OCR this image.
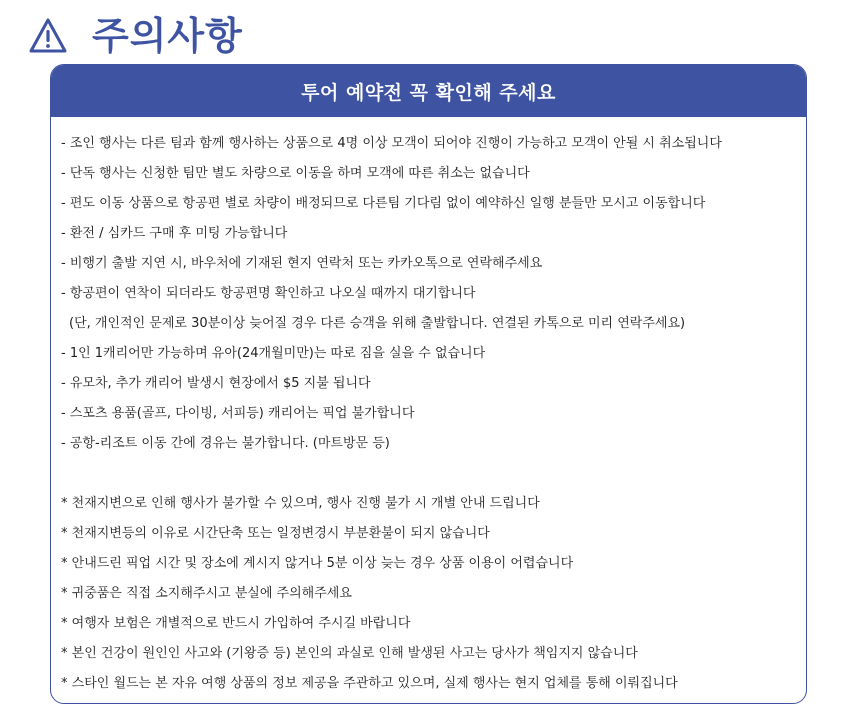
주의사항
투어 예약전 꼭 확인해 주세요
- 조인 행사는 다른 팀과 함께 행사하는 상품으로 4명 이상 모객이 되어야 진행이 가능하고 모객이 안될 시 취소됩니다
- 단독 행사는 신청한 팀만 별도 차량으로 이동을 하며 모객에 따른 취소는 없습니다
- 편도 이동 상품으로 항공편 별로 차량이 배정되므로 다른팀 기다림 없이 예약하신 일행 분들만 모시고 이동합니다
- 환전 / 심카드 구매 후 미팅 가능합니다
- 비행기 출발 지연 시, 바우처에 기재된 현지 연락처 또는 카카오톡으로 연락해주세요
- 항공편이 연착이 되더라도 항공편명 확인하고 나오실 때까지 대기합니다
(단, 개인적인 문제로 30분이상 늦어질 경우 다른 승객을 위해 출발합니다. 연결된 카톡으로 미리 연락주세요)
- 1인 1캐리어만 가능하며 유아(24개월미만)는 따로 짐을 실을 수 없습니다
- 유모차, 추가 캐리어 발생시 현장에서 $5 지불 됩니다
- 스포츠 용품(골프, 다이빙, 서피등) 캐리어는 픽업 불가합니다
- 공항-리조트 이동 간에 경유는 불가합니다. (마트방문 등)
* 천재지변으로 인해 행사가 불가할 수 있으며, 행사 진행 불가 시 개별 안내 드립니다
* 천재지변등의 이유로 시간단축 또는 일정변경시 부분환불이 되지 않습니다
* 안내드린 픽업 시간 및 장소에 계시지 않거나 5분 이상 늦는 경우 상품 이용이 어렵습니다
* 귀중품은 직접 소지해주시고 분실에 주의해주세요
* 여행자 보험은 개별적으로 반드시 가입하여 주시길 바랍니다
* 본인 건강이 원인인 사고와 (기왕증 등) 본인의 과실로 인해 발생된 사고는 당사가 책임지지 않습니다
* 스타인 월드는 본 자유 여행 상품의 정보 제공을 주관하고 있으며, 실제 행사는 현지 업체를 통해 이뤄집니다
